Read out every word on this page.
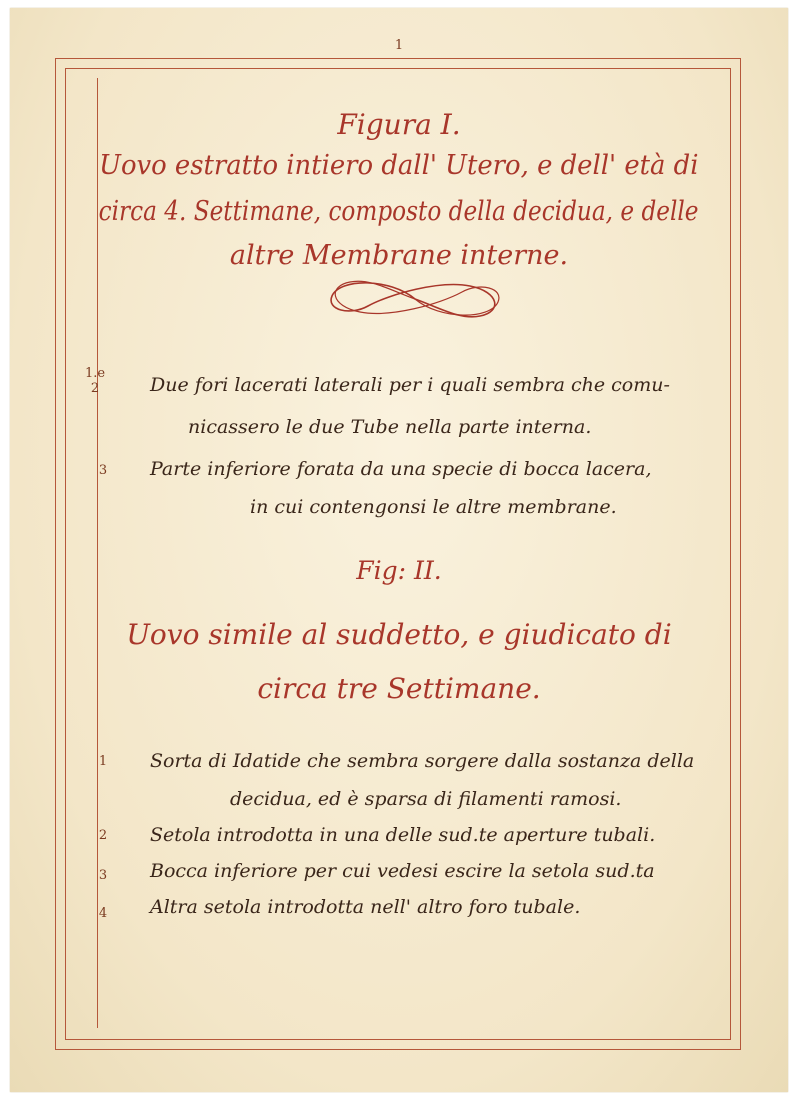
1
Figura I.
Uovo estratto intiero dall' Utero, e dell' età di
circa 4. Settimane, composto della decidua, e delle
altre Membrane interne.
1.e 2	Due fori lacerati laterali per i quali sembra che comu-
nicassero le due Tube nella parte interna.
3	Parte inferiore forata da una specie di bocca lacera,
in cui contengonsi le altre membrane.
Fig: II.
Uovo simile al suddetto, e giudicato di
circa tre Settimane.
1	Sorta di Idatide che sembra sorgere dalla sostanza della
decidua, ed è sparsa di filamenti ramosi.
2	Setola introdotta in una delle sud.te aperture tubali.
3	Bocca inferiore per cui vedesi escire la setola sud.ta
4	Altra setola introdotta nell' altro foro tubale.
